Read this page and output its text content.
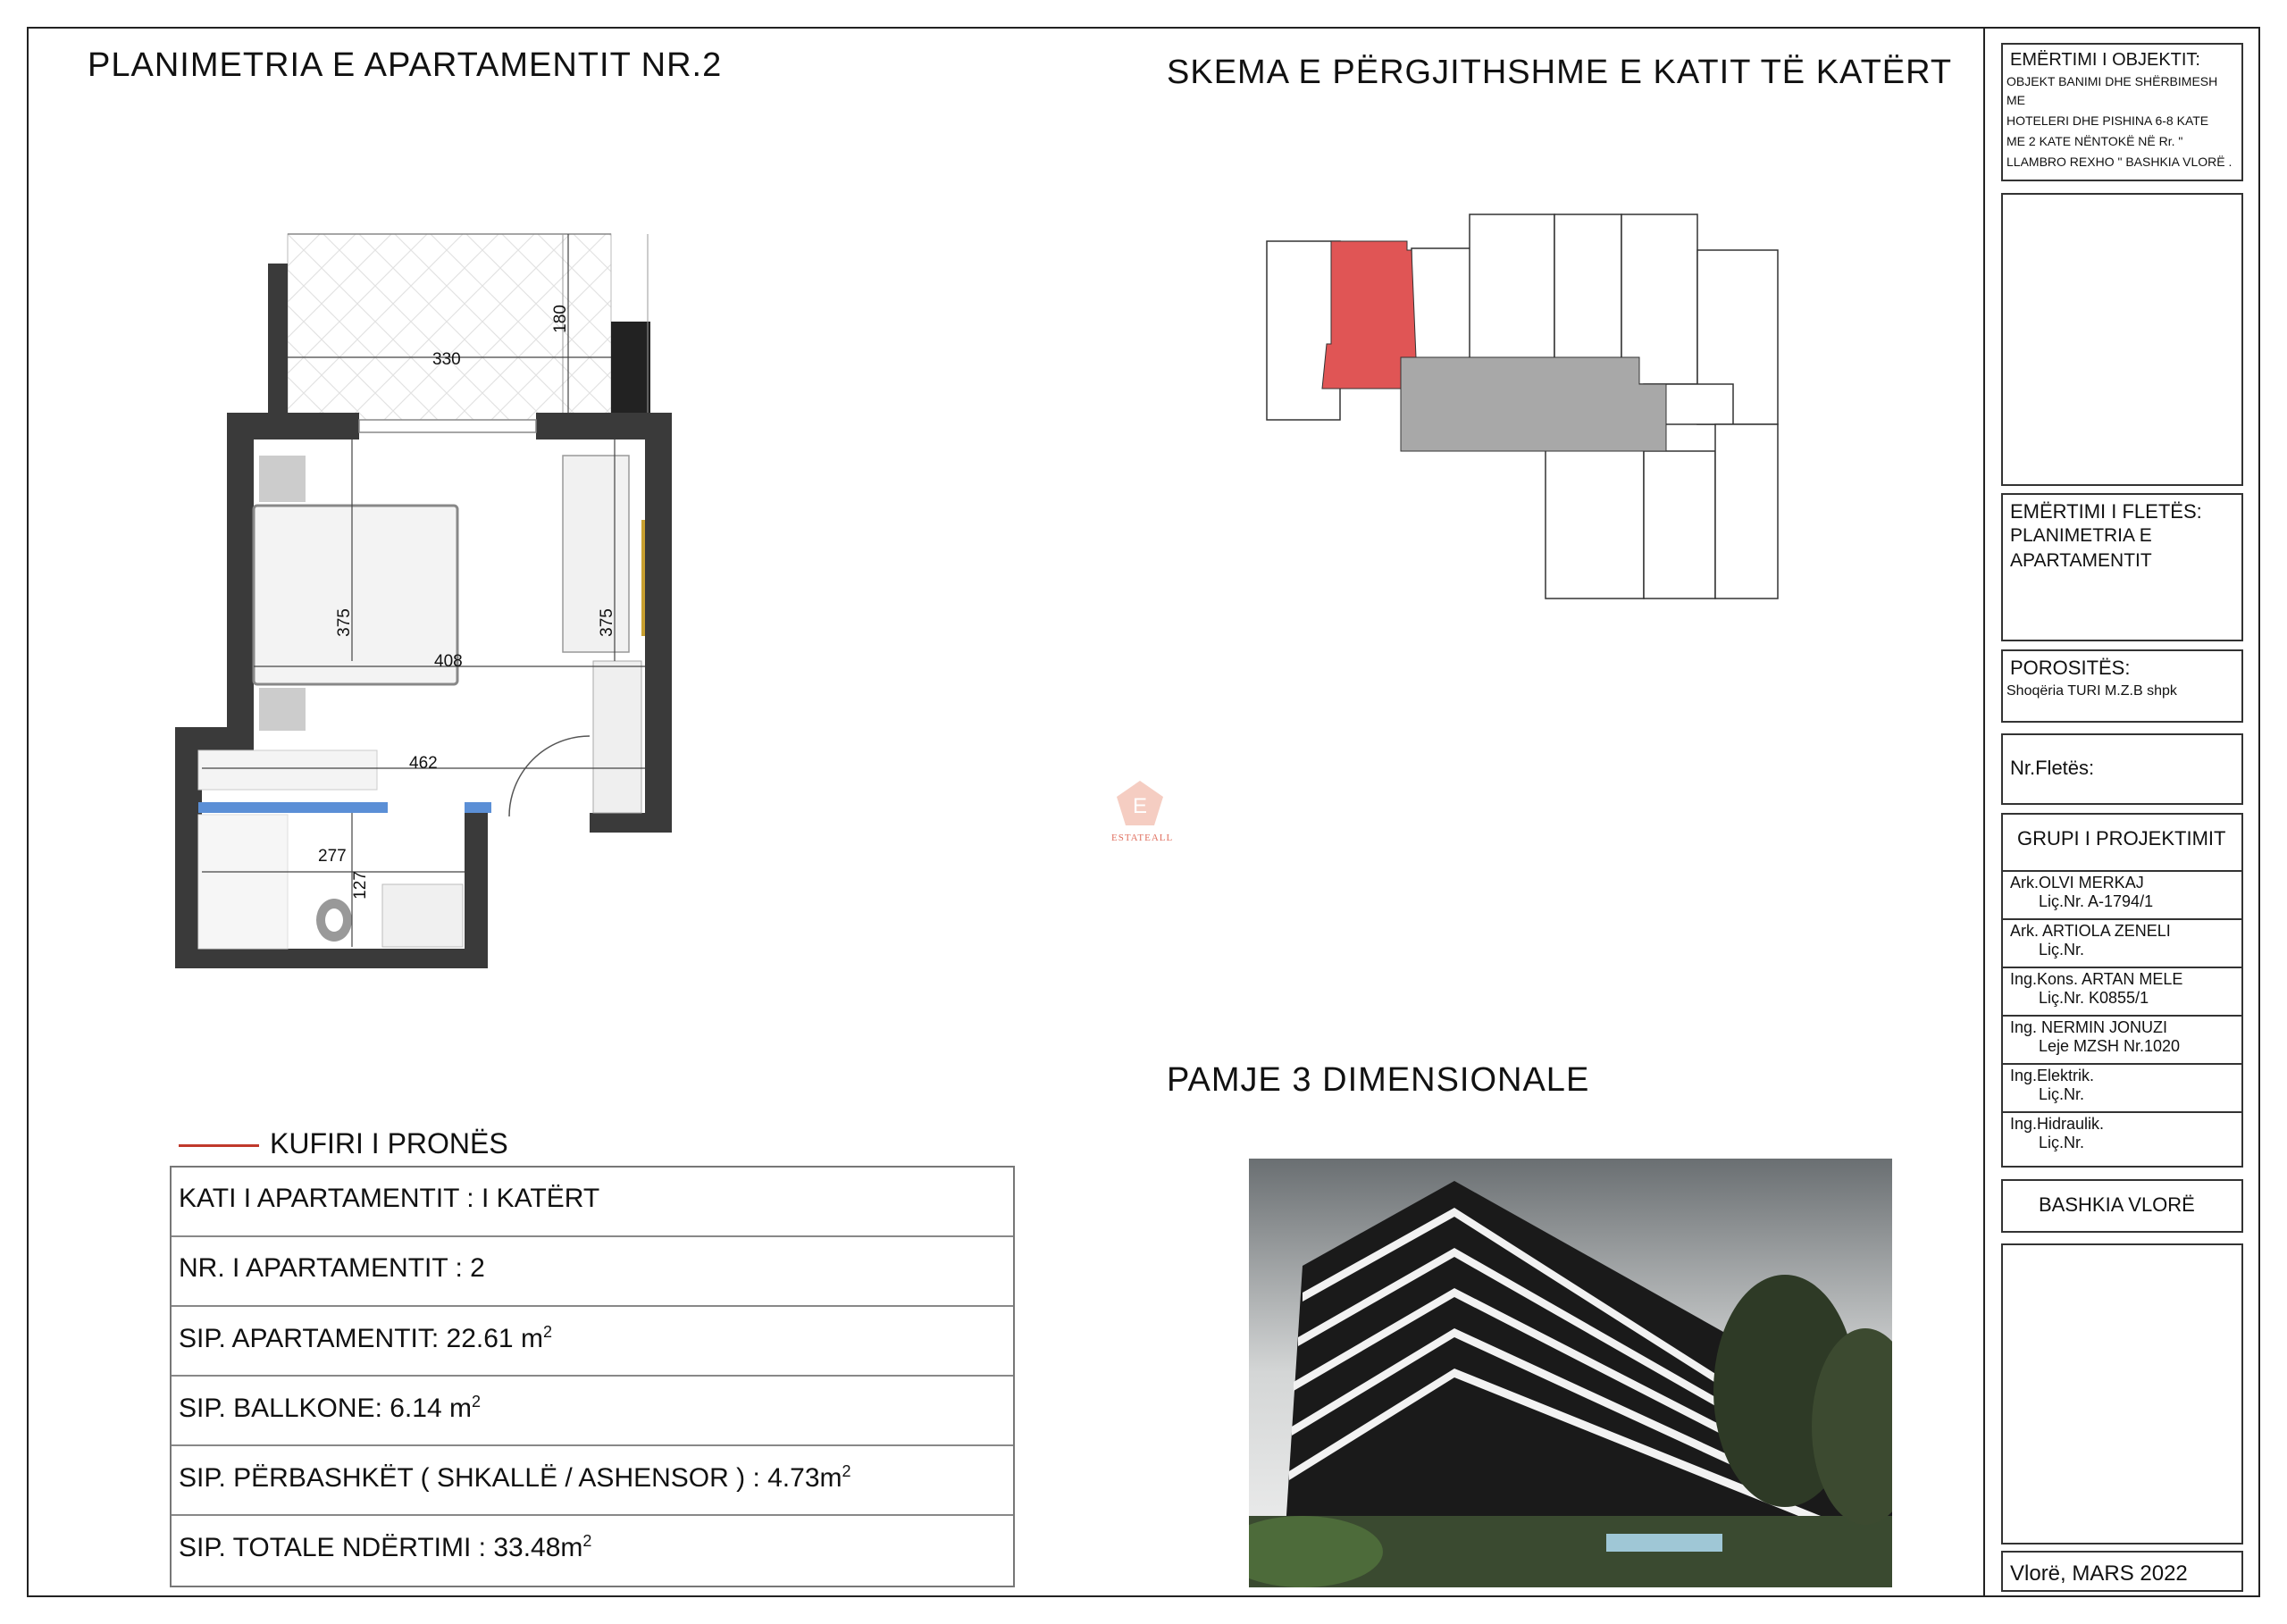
PLANIMETRIA E APARTAMENTIT NR.2	SKEMA E PËRGJITHSHME E KATIT TË KATËRT
PAMJE 3 DIMENSIONALE
330
180
375	375
408
462
277
127
E
ESTATEALL
KUFIRI I PRONËS
KATI I APARTAMENTIT : I KATËRT
NR. I APARTAMENTIT : 2
SIP. APARTAMENTIT: 22.61 $m^2$
SIP. BALLKONE: 6.14 $m^2$
SIP. PËRBASHKËT ( SHKALLË / ASHENSOR ) : $4.73m^2$
SIP. TOTALE NDËRTIMI : $33.48m^2$
EMËRTIMI I OBJEKTIT:
OBJEKT BANIMI DHE SHËRBIMESH ME
HOTELERI DHE PISHINA 6-8 KATE
ME 2 KATE NËNTOKË NË Rr. "
LLAMBRO REXHO " BASHKIA VLORË .
EMËRTIMI I FLETËS:
PLANIMETRIA E
APARTAMENTIT
POROSITËS:
Shoqëria TURI M.Z.B shpk
Nr.Fletës:
GRUPI I PROJEKTIMIT
Ark.OLVI MERKAJ
Liç.Nr. A-1794/1
Ark. ARTIOLA ZENELI
Liç.Nr.
Ing.Kons. ARTAN MELE
Liç.Nr. K0855/1
Ing. NERMIN JONUZI
Leje MZSH Nr.1020
Ing.Elektrik.
Liç.Nr.
Ing.Hidraulik.
Liç.Nr.
BASHKIA VLORË
Vlorë, MARS 2022
